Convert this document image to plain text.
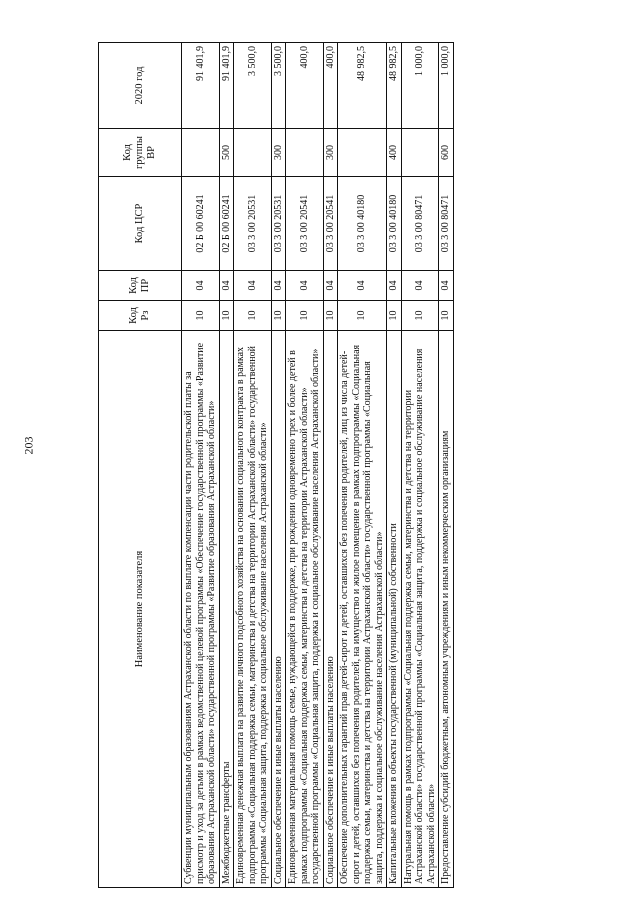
203
Наименование показателя	Код Рз	Код ПР	Код ЦСР	Код группы ВР	2020 год
Субвенции муниципальным образованиям Астраханской области по выплате компенсации части родительской платы за присмотр и уход за детьми в рамках ведомственной целевой программы «Обеспечение государственной программы «Развитие образования Астраханской области» государственной программы «Развитие образования Астраханской области»	10	04	02 Б 00 60241		91 401,9
Межбюджетные трансферты	10	04	02 Б 00 60241	500	91 401,9
Единовременная денежная выплата на развитие личного подсобного хозяйства на основании социального контракта в рамках подпрограммы «Социальная поддержка семьи, материнства и детства на территории Астраханской области» государственной программы «Социальная защита, поддержка и социальное обслуживание населения Астраханской области»	10	04	03 3 00 20531		3 500,0
Социальное обеспечение и иные выплаты населению	10	04	03 3 00 20531	300	3 500,0
Единовременная материальная помощь семье, нуждающейся в поддержке, при рождении одновременно трех и более детей в рамках подпрограммы «Социальная поддержка семьи, материнства и детства на территории Астраханской области» государственной программы «Социальная защита, поддержка и социальное обслуживание населения Астраханской области»	10	04	03 3 00 20541		400,0
Социальное обеспечение и иные выплаты населению	10	04	03 3 00 20541	300	400,0
Обеспечение дополнительных гарантий прав детей-сирот и детей, оставшихся без попечения родителей, лиц из числа детей-сирот и детей, оставшихся без попечения родителей, на имущество и жилое помещение в рамках подпрограммы «Социальная поддержка семьи, материнства и детства на территории Астраханской области» государственной программы «Социальная защита, поддержка и социальное обслуживание населения Астраханской области»	10	04	03 3 00 40180		48 982,5
Капитальные вложения в объекты государственной (муниципальной) собственности	10	04	03 3 00 40180	400	48 982,5
Натуральная помощь в рамках подпрограммы «Социальная поддержка семьи, материнства и детства на территории Астраханской области» государственной программы «Социальная защита, поддержка и социальное обслуживание населения Астраханской области»	10	04	03 3 00 80471		1 000,0
Предоставление субсидий бюджетным, автономным учреждениям и иным некоммерческим организациям	10	04	03 3 00 80471	600	1 000,0
